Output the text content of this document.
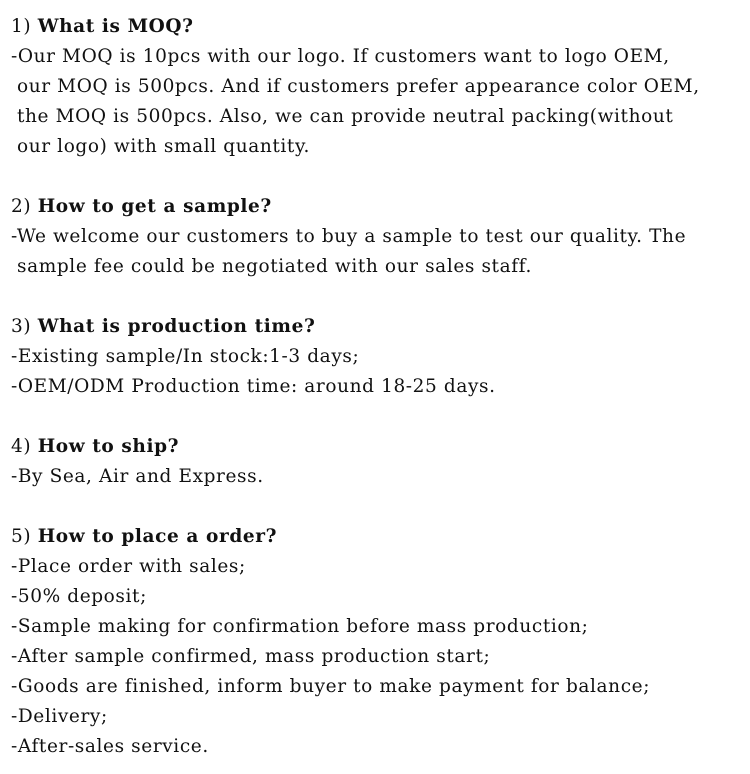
1) What is MOQ?
-Our MOQ is 10pcs with our logo. If customers want to logo OEM,
our MOQ is 500pcs. And if customers prefer appearance color OEM,
the MOQ is 500pcs. Also, we can provide neutral packing(without
our logo) with small quantity.
2) How to get a sample?
-We welcome our customers to buy a sample to test our quality. The
sample fee could be negotiated with our sales staff.
3) What is production time?
-Existing sample/In stock:1-3 days;
-OEM/ODM Production time: around 18-25 days.
4) How to ship?
-By Sea, Air and Express.
5) How to place a order?
-Place order with sales;
-50% deposit;
-Sample making for confirmation before mass production;
-After sample confirmed, mass production start;
-Goods are finished, inform buyer to make payment for balance;
-Delivery;
-After-sales service.
